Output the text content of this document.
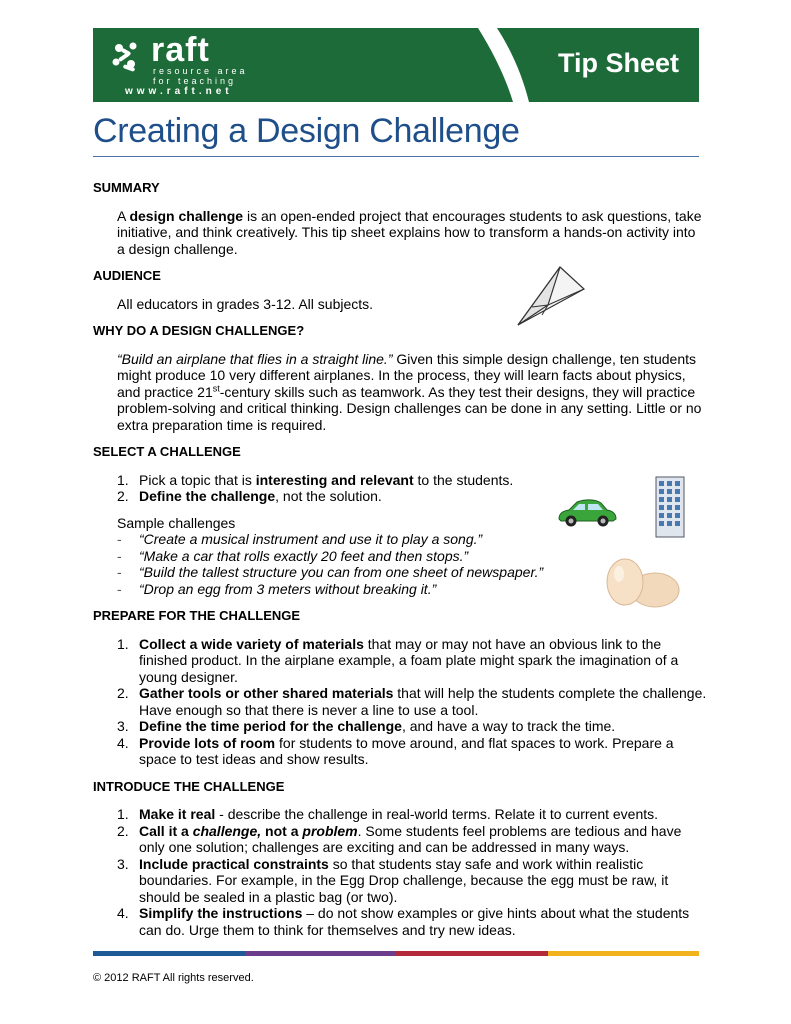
raft
resource area
for teaching
www.raft.net
Tip Sheet
Creating a Design Challenge
SUMMARY
A design challenge is an open-ended project that encourages students to ask questions, take initiative, and think creatively. This tip sheet explains how to transform a hands-on activity into a design challenge.
AUDIENCE
All educators in grades 3-12. All subjects.
WHY DO A DESIGN CHALLENGE?
“Build an airplane that flies in a straight line.” Given this simple design challenge, ten students might produce 10 very different airplanes. In the process, they will learn facts about physics, and practice 21st-century skills such as teamwork. As they test their designs, they will practice problem-solving and critical thinking. Design challenges can be done in any setting. Little or no extra preparation time is required.
SELECT A CHALLENGE
1. Pick a topic that is interesting and relevant to the students.
2. Define the challenge, not the solution.
Sample challenges
- “Create a musical instrument and use it to play a song.”
- “Make a car that rolls exactly 20 feet and then stops.”
- “Build the tallest structure you can from one sheet of newspaper.”
- “Drop an egg from 3 meters without breaking it.”
PREPARE FOR THE CHALLENGE
1. Collect a wide variety of materials that may or may not have an obvious link to the finished product. In the airplane example, a foam plate might spark the imagination of a young designer.
2. Gather tools or other shared materials that will help the students complete the challenge. Have enough so that there is never a line to use a tool.
3. Define the time period for the challenge, and have a way to track the time.
4. Provide lots of room for students to move around, and flat spaces to work. Prepare a space to test ideas and show results.
INTRODUCE THE CHALLENGE
1. Make it real - describe the challenge in real-world terms. Relate it to current events.
2. Call it a challenge, not a problem. Some students feel problems are tedious and have only one solution; challenges are exciting and can be addressed in many ways.
3. Include practical constraints so that students stay safe and work within realistic boundaries. For example, in the Egg Drop challenge, because the egg must be raw, it should be sealed in a plastic bag (or two).
4. Simplify the instructions – do not show examples or give hints about what the students can do. Urge them to think for themselves and try new ideas.
© 2012 RAFT All rights reserved.
